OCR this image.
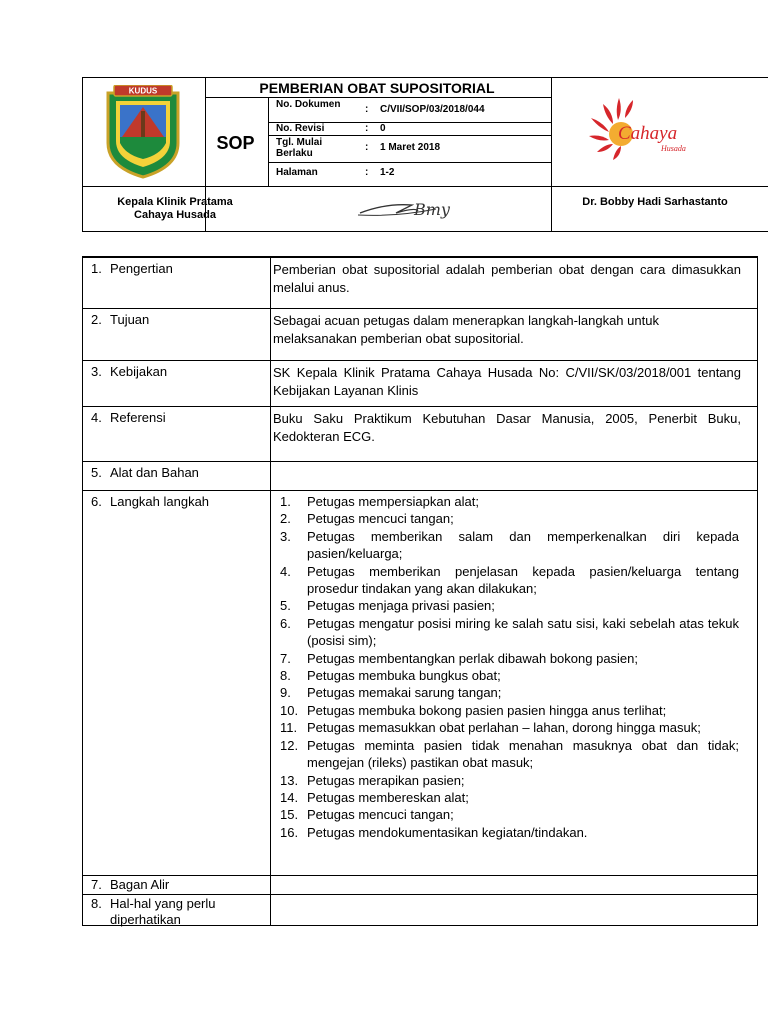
KUDUS	PEMBERIAN OBAT SUPOSITORIAL
SOP
No. Dokumen	: C/VII/SOP/03/2018/044
No. Revisi	: 0
Tgl. Mulai Berlaku
: 1 Maret 2018
Halaman	: 1-2
Cahaya
Husada
Kepala Klinik Pratama Cahaya Husada	Bmy	Dr. Bobby Hadi Sarhastanto
1. Pengertian	Pemberian obat supositorial adalah pemberian obat dengan cara dimasukkan melalui anus.
2. Tujuan	Sebagai acuan petugas dalam menerapkan langkah-langkah untuk melaksanakan pemberian obat supositorial.
3. Kebijakan	SK Kepala Klinik Pratama Cahaya Husada No: C/VII/SK/03/2018/001 tentang Kebijakan Layanan Klinis
4. Referensi	Buku Saku Praktikum Kebutuhan Dasar Manusia, 2005, Penerbit Buku, Kedokteran ECG.
5. Alat dan Bahan
6. Langkah langkah	1. Petugas mempersiapkan alat;
2. Petugas mencuci tangan;
3. Petugas memberikan salam dan memperkenalkan diri kepada pasien/keluarga;
4. Petugas memberikan penjelasan kepada pasien/keluarga tentang prosedur tindakan yang akan dilakukan;
5. Petugas menjaga privasi pasien;
6. Petugas mengatur posisi miring ke salah satu sisi, kaki sebelah atas tekuk (posisi sim);
7. Petugas membentangkan perlak dibawah bokong pasien;
8. Petugas membuka bungkus obat;
9. Petugas memakai sarung tangan;
10. Petugas membuka bokong pasien pasien hingga anus terlihat;
11. Petugas memasukkan obat perlahan – lahan, dorong hingga masuk;
12. Petugas meminta pasien tidak menahan masuknya obat dan tidak; mengejan (rileks) pastikan obat masuk;
13. Petugas merapikan pasien;
14. Petugas membereskan alat;
15. Petugas mencuci tangan;
16. Petugas mendokumentasikan kegiatan/tindakan.
7. Bagan Alir
8. Hal-hal yang perlu diperhatikan
